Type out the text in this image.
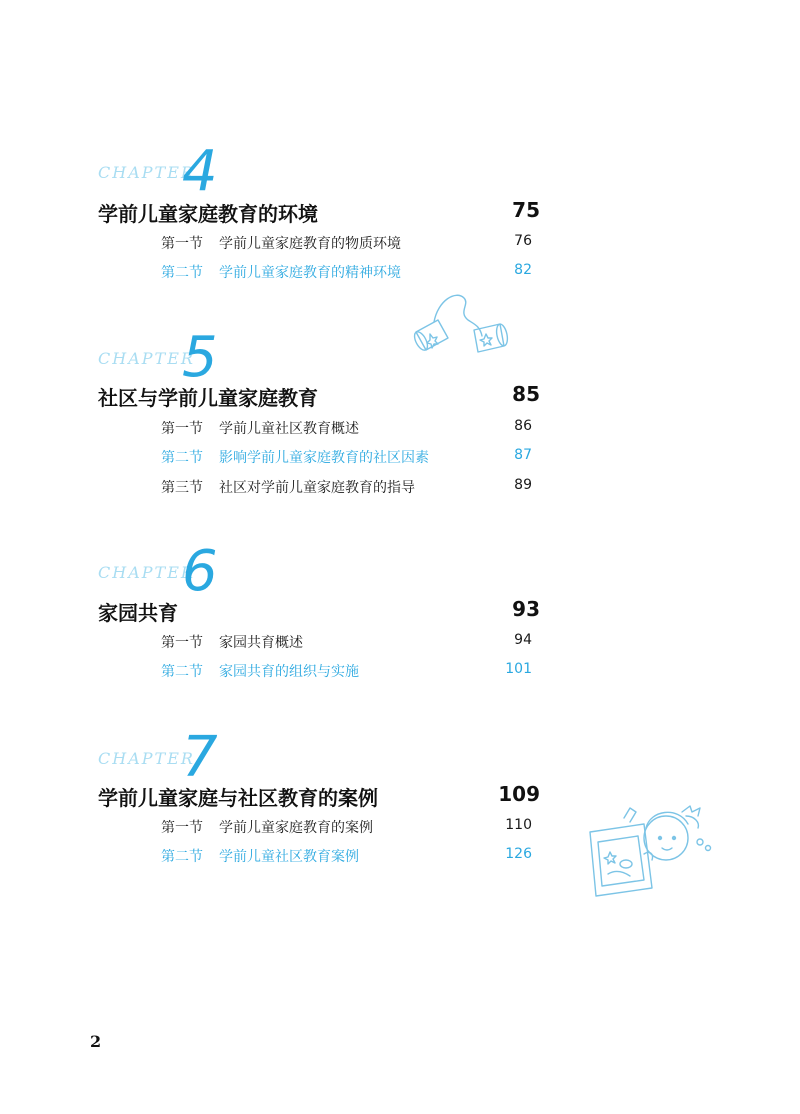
CHAPTER
4
学前儿童家庭教育的环境	75
第一节 学前儿童家庭教育的物质环境	76
第二节 学前儿童家庭教育的精神环境	82
CHAPTER
5
社区与学前儿童家庭教育	85
第一节 学前儿童社区教育概述	86
第二节 影响学前儿童家庭教育的社区因素	87
第三节 社区对学前儿童家庭教育的指导	89
CHAPTER
6
家园共育	93
第一节 家园共育概述	94
第二节 家园共育的组织与实施	101
CHAPTER
7
学前儿童家庭与社区教育的案例	109
第一节 学前儿童家庭教育的案例	110
第二节 学前儿童社区教育案例	126
2
